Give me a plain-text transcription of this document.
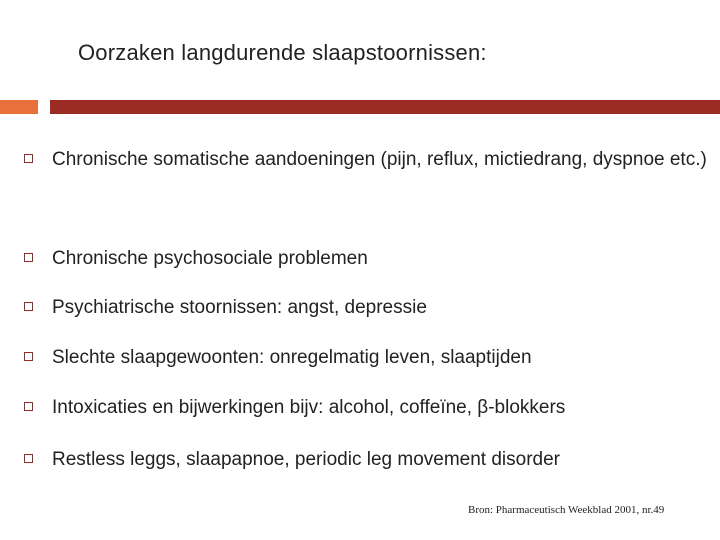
Oorzaken langdurende slaapstoornissen:
Chronische somatische aandoeningen (pijn, reflux, mictiedrang, dyspnoe etc.)
Chronische psychosociale problemen
Psychiatrische stoornissen: angst, depressie
Slechte slaapgewoonten: onregelmatig leven, slaaptijden
Intoxicaties en bijwerkingen bijv: alcohol, coffeïne, β-blokkers
Restless leggs, slaapapnoe, periodic leg movement disorder
Bron: Pharmaceutisch Weekblad 2001, nr.49
